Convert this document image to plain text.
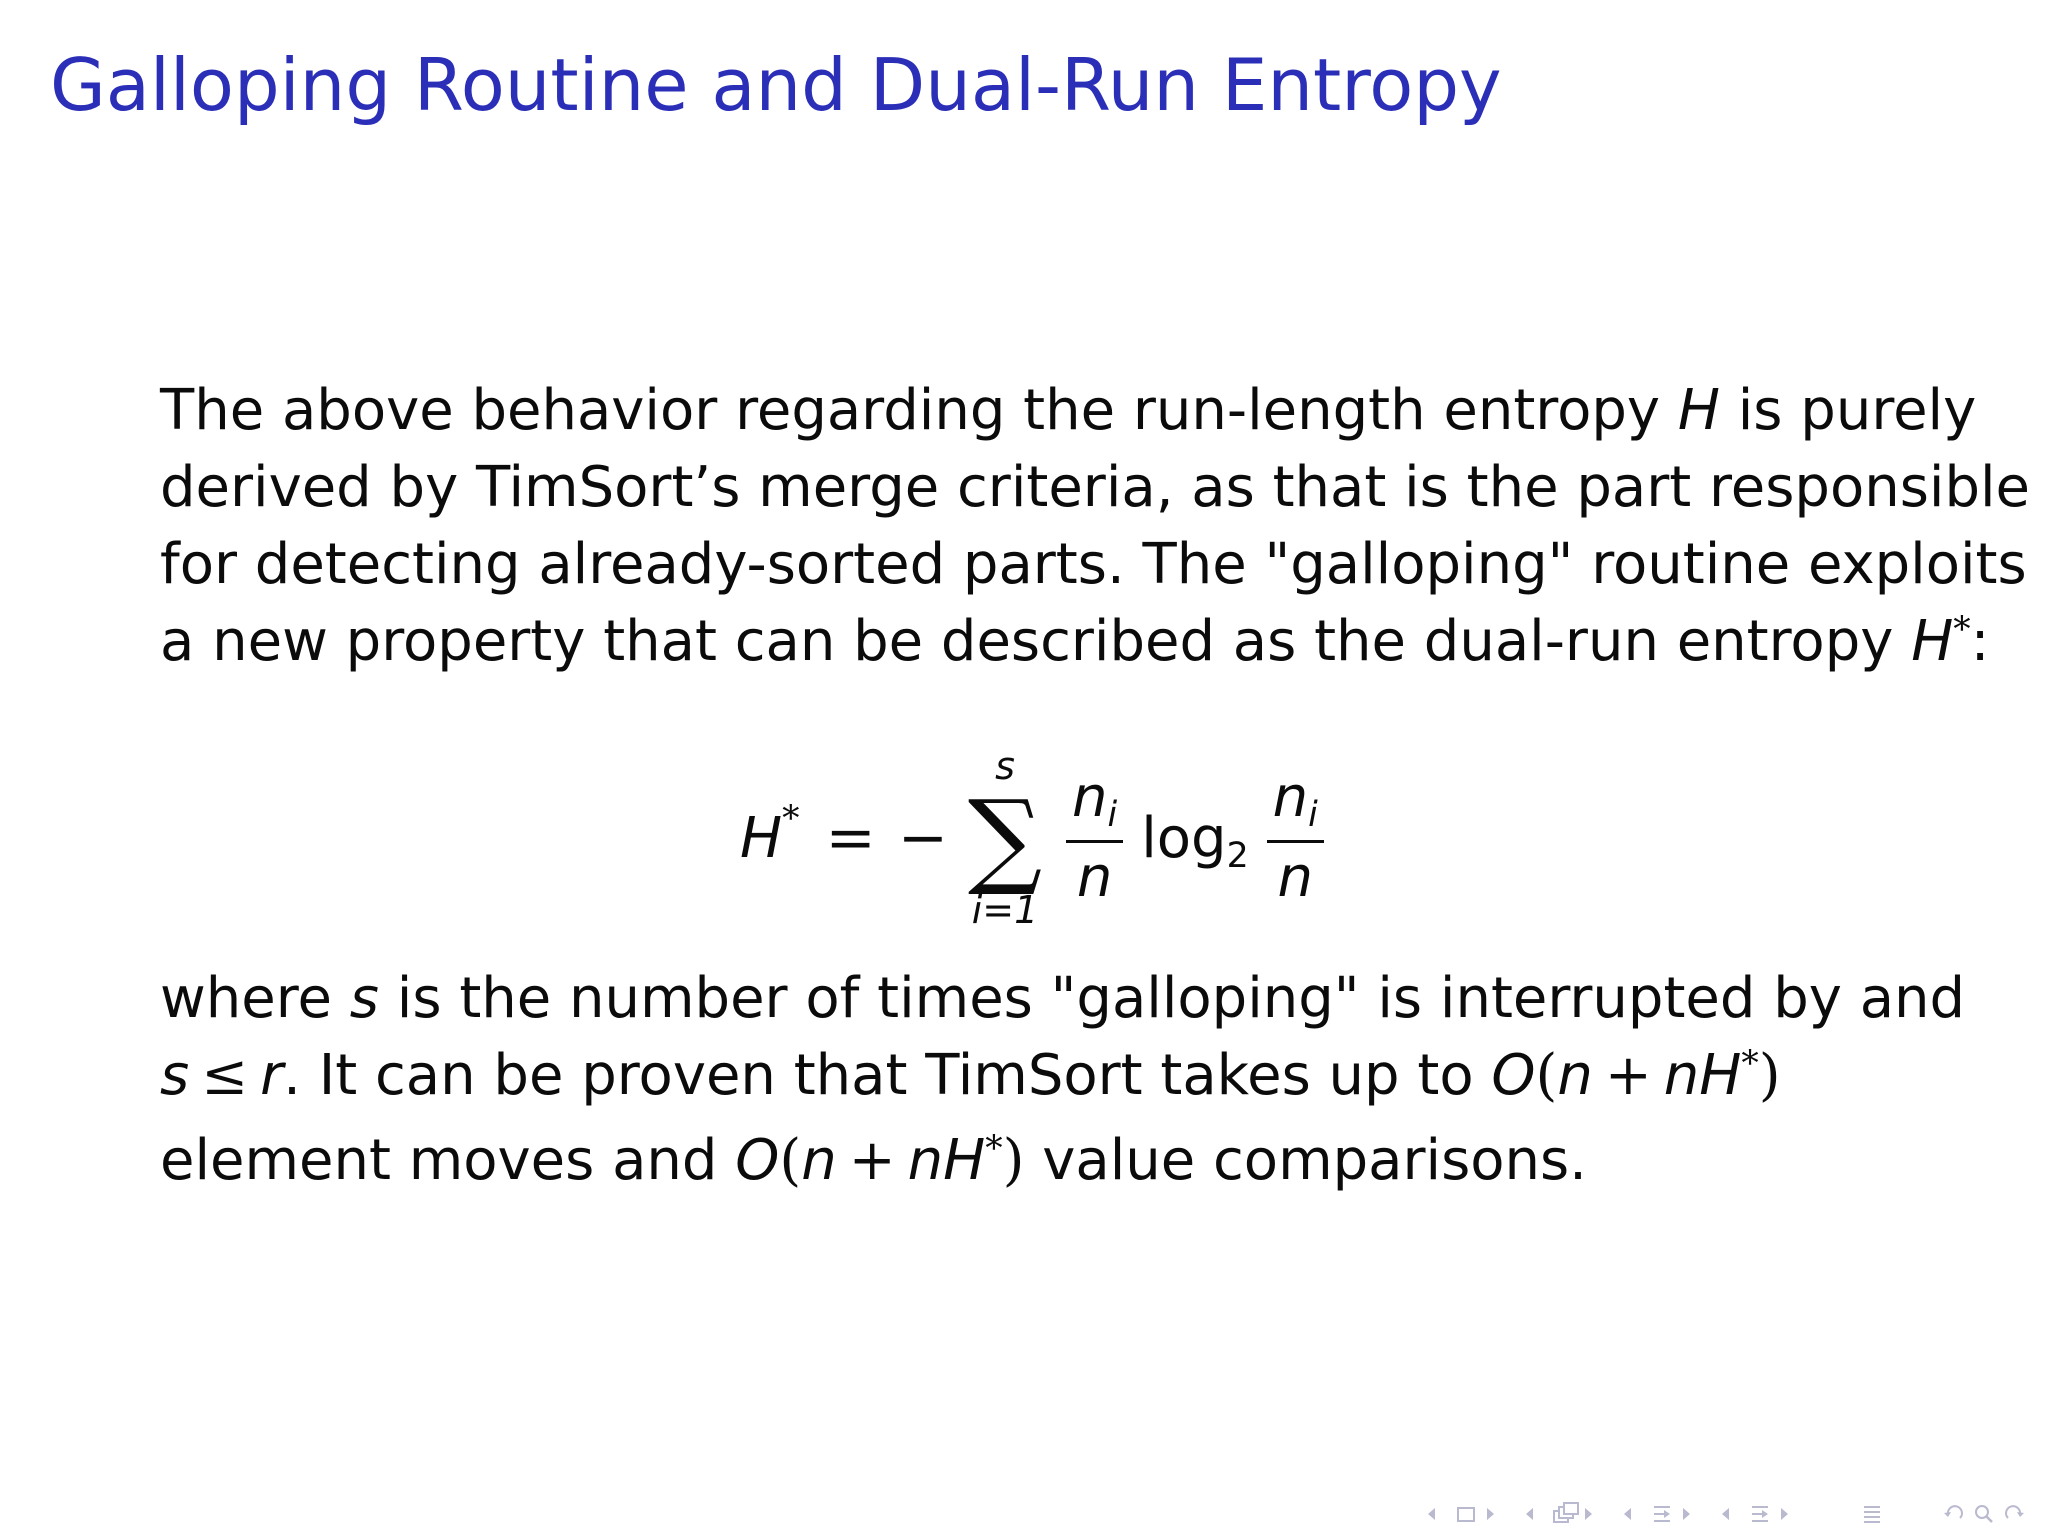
Galloping Routine and Dual-Run Entropy

The above behavior regarding the run-length entropy H is purely
derived by TimSort’s merge criteria, as that is the part responsible
for detecting already-sorted parts. The "galloping" routine exploits
a new property that can be described as the dual-run entropy H*:

H * = −
s
∑
$i=1 \frac{ni}{n} \log 2 \frac{ni}{n}$

where s is the number of times "galloping" is interrupted by and
s ≤ r. It can be proven that TimSort takes up to O(n + nH*)
element moves and O(n + nH*) value comparisons.
